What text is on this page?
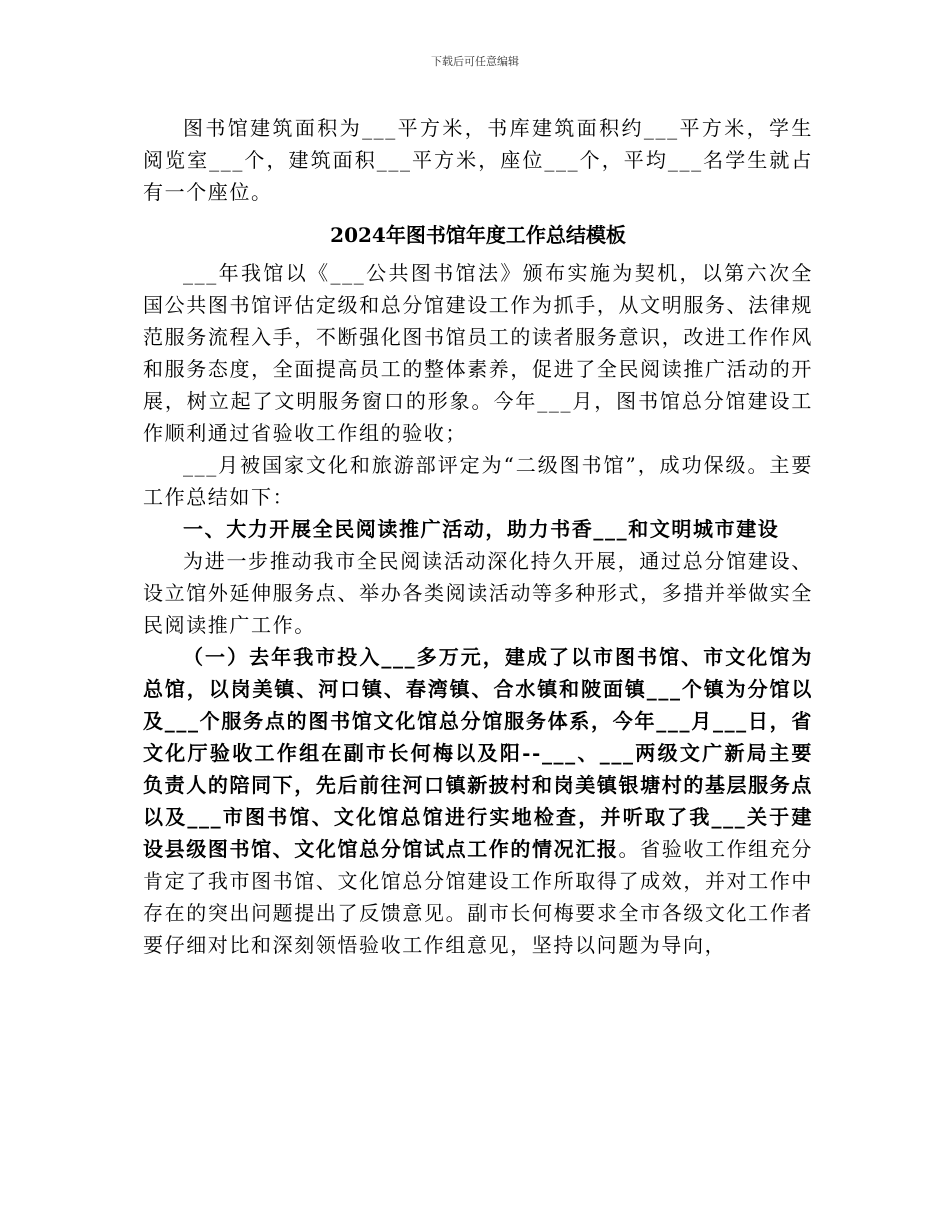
下载后可任意编辑

图书馆建筑面积为___平方米，书库建筑面积约___平方米，学生阅览室___个，建筑面积___平方米，座位___个，平均___名学生就占有一个座位。

2024年图书馆年度工作总结模板

___年我馆以《___公共图书馆法》颁布实施为契机，以第六次全国公共图书馆评估定级和总分馆建设工作为抓手，从文明服务、法律规范服务流程入手，不断强化图书馆员工的读者服务意识，改进工作作风和服务态度，全面提高员工的整体素养，促进了全民阅读推广活动的开展，树立起了文明服务窗口的形象。今年___月，图书馆总分馆建设工作顺利通过省验收工作组的验收；

___月被国家文化和旅游部评定为“二级图书馆”，成功保级。主要工作总结如下：

一、大力开展全民阅读推广活动，助力书香___和文明城市建设

为进一步推动我市全民阅读活动深化持久开展，通过总分馆建设、设立馆外延伸服务点、举办各类阅读活动等多种形式，多措并举做实全民阅读推广工作。

（一）去年我市投入___多万元，建成了以市图书馆、市文化馆为总馆，以岗美镇、河口镇、春湾镇、合水镇和陂面镇___个镇为分馆以及___个服务点的图书馆文化馆总分馆服务体系，今年___月___日，省文化厅验收工作组在副市长何梅以及阳--___、___两级文广新局主要负责人的陪同下，先后前往河口镇新披村和岗美镇银塘村的基层服务点以及___市图书馆、文化馆总馆进行实地检查，并听取了我___关于建设县级图书馆、文化馆总分馆试点工作的情况汇报。省验收工作组充分肯定了我市图书馆、文化馆总分馆建设工作所取得了成效，并对工作中存在的突出问题提出了反馈意见。副市长何梅要求全市各级文化工作者要仔细对比和深刻领悟验收工作组意见，坚持以问题为导向，
